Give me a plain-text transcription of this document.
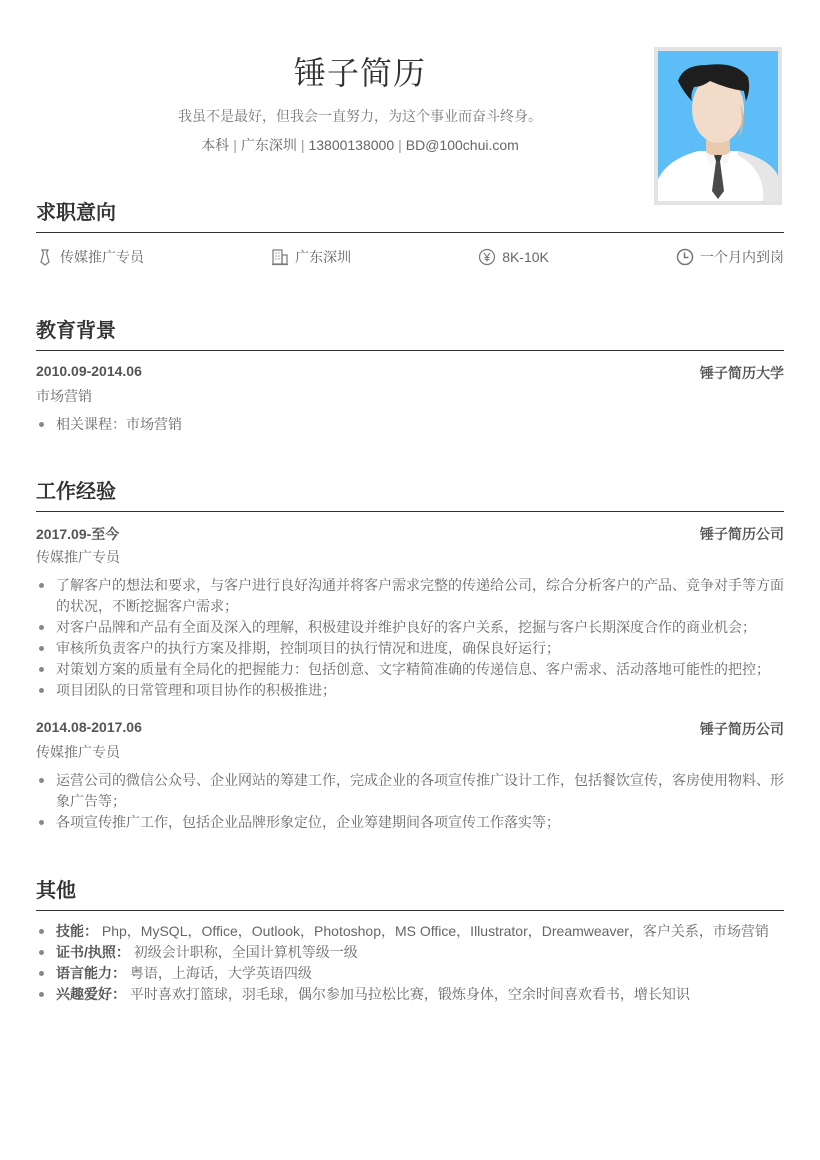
锤子简历
我虽不是最好，但我会一直努力，为这个事业而奋斗终身。
本科 | 广东深圳 | 13800138000 | BD@100chui.com
求职意向
传媒推广专员	广东深圳	8K-10K	一个月内到岗
教育背景
2010.09-2014.06	锤子简历大学
市场营销
相关课程：市场营销
工作经验
2017.09-至今	锤子简历公司
传媒推广专员
了解客户的想法和要求，与客户进行良好沟通并将客户需求完整的传递给公司，综合分析客户的产品、竞争对手等方面的状况，不断挖掘客户需求；
对客户品牌和产品有全面及深入的理解，积极建设并维护良好的客户关系，挖掘与客户长期深度合作的商业机会；
审核所负责客户的执行方案及排期，控制项目的执行情况和进度，确保良好运行；
对策划方案的质量有全局化的把握能力：包括创意、文字精简准确的传递信息、客户需求、活动落地可能性的把控；
项目团队的日常管理和项目协作的积极推进；
2014.08-2017.06	锤子简历公司
传媒推广专员
运营公司的微信公众号、企业网站的筹建工作，完成企业的各项宣传推广设计工作，包括餐饮宣传，客房使用物料、形象广告等；
各项宣传推广工作，包括企业品牌形象定位，企业筹建期间各项宣传工作落实等；
其他
技能： Php，MySQL，Office，Outlook，Photoshop，MS Office，Illustrator，Dreamweaver，客户关系，市场营销
证书/执照： 初级会计职称，全国计算机等级一级
语言能力： 粤语，上海话，大学英语四级
兴趣爱好： 平时喜欢打篮球，羽毛球，偶尔参加马拉松比赛，锻炼身体，空余时间喜欢看书，增长知识
